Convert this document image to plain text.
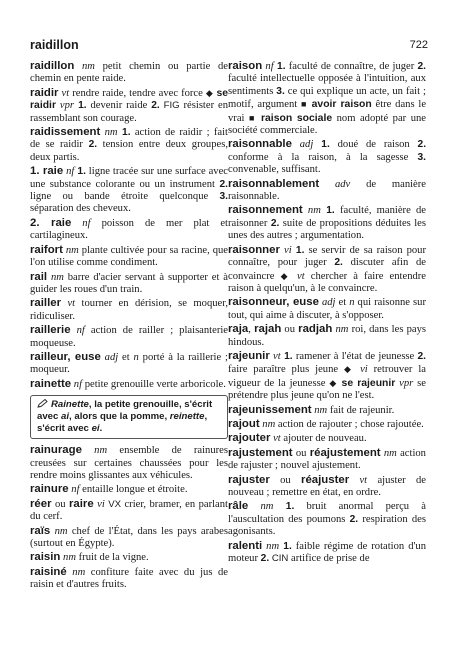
raidillon	722
raidillon nm petit chemin ou partie de chemin en pente raide.
raidir vt rendre raide, tendre avec force ◆ se raidir vpr 1. devenir raide 2. FIG résister en rassemblant son courage.
raidissement nm 1. action de raidir ; fait de se raidir 2. tension entre deux groupes, deux partis.
1. raie nf 1. ligne tracée sur une surface avec une substance colorante ou un instrument 2. ligne ou bande étroite quelconque 3. séparation des cheveux.
2. raie nf poisson de mer plat et cartilagineux.
raifort nm plante cultivée pour sa racine, que l'on utilise comme condiment.
rail nm barre d'acier servant à supporter et à guider les roues d'un train.
railler vt tourner en dérision, se moquer, ridiculiser.
raillerie nf action de railler ; plaisanterie moqueuse.
railleur, euse adj et n porté à la raillerie ; moqueur.
rainette nf petite grenouille verte arboricole.
Rainette, la petite grenouille, s'écrit avec ai, alors que la pomme, reinette, s'écrit avec ei.
rainurage nm ensemble de rainures creusées sur certaines chaussées pour les rendre moins glissantes aux véhicules.
rainure nf entaille longue et étroite.
réer ou raire vi VX crier, bramer, en parlant du cerf.
raïs nm chef de l'État, dans les pays arabes (surtout en Égypte).
raisin nm fruit de la vigne.
raisiné nm confiture faite avec du jus de raisin et d'autres fruits.
raison nf 1. faculté de connaître, de juger 2. faculté intellectuelle opposée à l'intuition, aux sentiments 3. ce qui explique un acte, un fait ; motif, argument ■ avoir raison être dans le vrai ■ raison sociale nom adopté par une société commerciale.
raisonnable adj 1. doué de raison 2. conforme à la raison, à la sagesse 3. convenable, suffisant.
raisonnablement adv de manière raisonnable.
raisonnement nm 1. faculté, manière de raisonner 2. suite de propositions déduites les unes des autres ; argumentation.
raisonner vi 1. se servir de sa raison pour connaître, pour juger 2. discuter afin de convaincre ◆ vt chercher à faire entendre raison à quelqu'un, à le convaincre.
raisonneur, euse adj et n qui raisonne sur tout, qui aime à discuter, à s'opposer.
raja, rajah ou radjah nm roi, dans les pays hindous.
rajeunir vt 1. ramener à l'état de jeunesse 2. faire paraître plus jeune ◆ vi retrouver la vigueur de la jeunesse ◆ se rajeunir vpr se prétendre plus jeune qu'on ne l'est.
rajeunissement nm fait de rajeunir.
rajout nm action de rajouter ; chose rajoutée.
rajouter vt ajouter de nouveau.
rajustement ou réajustement nm action de rajuster ; nouvel ajustement.
rajuster ou réajuster vt ajuster de nouveau ; remettre en état, en ordre.
râle nm 1. bruit anormal perçu à l'auscultation des poumons 2. respiration des agonisants.
ralenti nm 1. faible régime de rotation d'un moteur 2. CIN artifice de prise de
